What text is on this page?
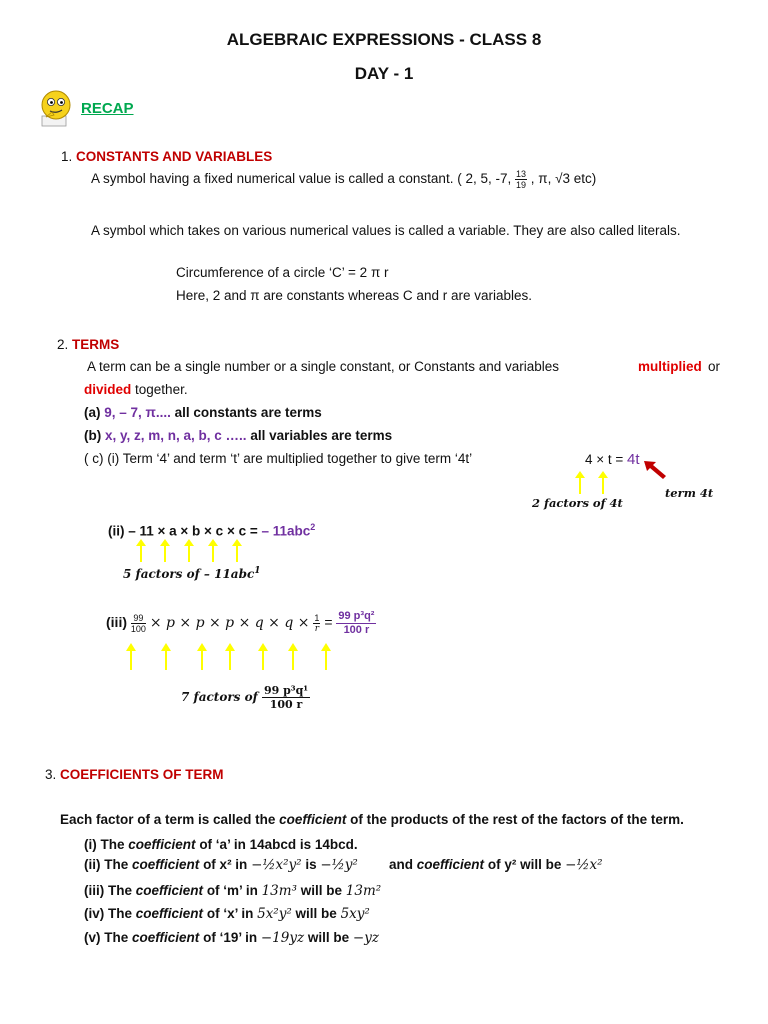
ALGEBRAIC EXPRESSIONS - CLASS 8
DAY - 1
RECAP
1. CONSTANTS AND VARIABLES
A symbol having a fixed numerical value is called a constant. ( 2, 5, -7, $\frac{13}{19}$ , π, √3 etc)
A symbol which takes on various numerical values is called a variable. They are also called literals.
Circumference of a circle ‘C’ = 2 π r
Here, 2 and π are constants whereas C and r are variables.
2. TERMS
A term can be a single number or a single constant, or Constants and variables	multiplied or
divided together.
(a) 9, – 7, π.... all constants are terms
(b) x, y, z, m, n, a, b, c ….. all variables are terms
( c) (i) Term ‘4’ and term ‘t’ are multiplied together to give term ‘4t’	4 × t = 4t
2 factors of 4t
term 4t
(ii) – 11 × a × b × c × c = – 11abc$^2$
5 factors of – 11abc$^1$
$(iii) \frac{99}{100} \times p \times p \times p \times q \times q \times \frac{1}{r} = \frac{\text{99 p³q²}}{100 r}$
7 factors of $\frac{\text{99 p³q¹}}{100 r}$
3. COEFFICIENTS OF TERM
Each factor of a term is called the coefficient of the products of the rest of the factors of the term.
(i) The coefficient of ‘a’ in 14abcd is 14bcd.
(ii) The coefficient of x² in −½x²y² is −½y² and coefficient of y² will be −½x²
(iii) The coefficient of ‘m’ in 13m³ will be 13m²
(iv) The coefficient of ‘x’ in 5x²y² will be 5xy²
(v) The coefficient of ‘19’ in −19yz will be −yz
